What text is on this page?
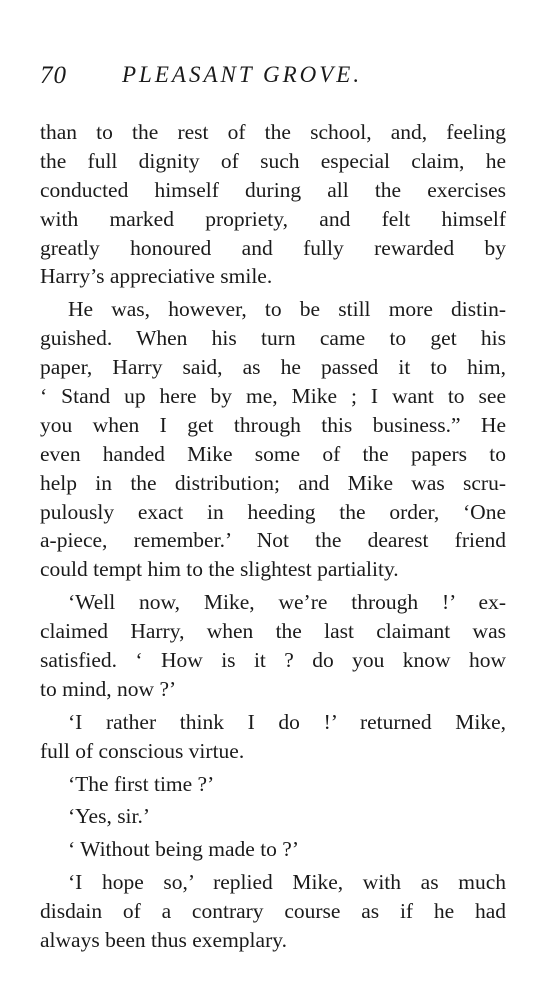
70 PLEASANT GROVE.
than to the rest of the school, and, feeling
the full dignity of such especial claim, he
conducted himself during all the exercises
with marked propriety, and felt himself
greatly honoured and fully rewarded by
Harry’s appreciative smile.
He was, however, to be still more distin-
guished. When his turn came to get his
paper, Harry said, as he passed it to him,
‘ Stand up here by me, Mike ; I want to see
you when I get through this business.” He
even handed Mike some of the papers to
help in the distribution; and Mike was scru-
pulously exact in heeding the order, ‘One
a-piece, remember.’ Not the dearest friend
could tempt him to the slightest partiality.
‘Well now, Mike, we’re through !’ ex-
claimed Harry, when the last claimant was
satisfied. ‘ How is it ? do you know how
to mind, now ?’
‘I rather think I do !’ returned Mike,
full of conscious virtue.
‘The first time ?’
‘Yes, sir.’
‘ Without being made to ?’
‘I hope so,’ replied Mike, with as much
disdain of a contrary course as if he had
always been thus exemplary.
